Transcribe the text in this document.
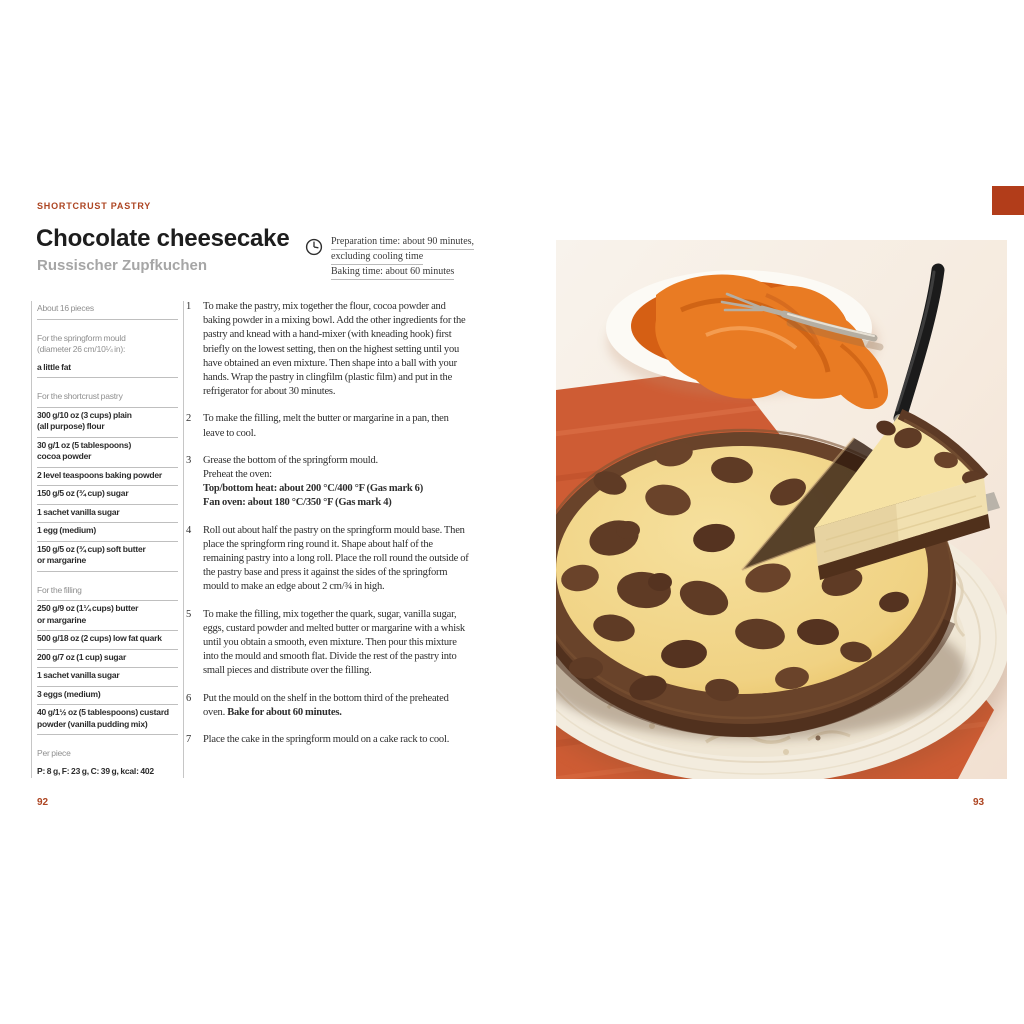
SHORTCRUST PASTRY
Chocolate cheesecake
Russischer Zupfkuchen
Preparation time: about 90 minutes,
excluding cooling time
Baking time: about 60 minutes
About 16 pieces
For the springform mould
(diameter 26 cm/10¼ in):
a little fat
For the shortcrust pastry
300 g/10 oz (3 cups) plain
(all purpose) flour
30 g/1 oz (5 tablespoons)
cocoa powder
2 level teaspoons baking powder
150 g/5 oz (¾ cup) sugar
1 sachet vanilla sugar
1 egg (medium)
150 g/5 oz (¾ cup) soft butter
or margarine
For the filling
250 g/9 oz (1¼ cups) butter
or margarine
500 g/18 oz (2 cups) low fat quark
200 g/7 oz (1 cup) sugar
1 sachet vanilla sugar
3 eggs (medium)
40 g/1½ oz (5 tablespoons) custard
powder (vanilla pudding mix)
Per piece
P: 8 g, F: 23 g, C: 39 g, kcal: 402
1	To make the pastry, mix together the flour, cocoa powder and baking powder in a mixing bowl. Add the other ingredients for the pastry and knead with a hand-mixer (with kneading hook) first briefly on the lowest setting, then on the highest setting until you have obtained an even mixture. Then shape into a ball with your hands. Wrap the pastry in clingfilm (plastic film) and put in the refrigerator for about 30 minutes.
2	To make the filling, melt the butter or margarine in a pan, then leave to cool.
3	Grease the bottom of the springform mould.
Preheat the oven:
Top/bottom heat: about 200 °C/400 °F (Gas mark 6)
Fan oven: about 180 °C/350 °F (Gas mark 4)
4	Roll out about half the pastry on the springform mould base. Then place the springform ring round it. Shape about half of the remaining pastry into a long roll. Place the roll round the outside of the pastry base and press it against the sides of the springform mould to make an edge about 2 cm/¾ in high.
5	To make the filling, mix together the quark, sugar, vanilla sugar, eggs, custard powder and melted butter or margarine with a whisk until you obtain a smooth, even mixture. Then pour this mixture into the mould and smooth flat. Divide the rest of the pastry into small pieces and distribute over the filling.
6	Put the mould on the shelf in the bottom third of the preheated oven. Bake for about 60 minutes.
7	Place the cake in the springform mould on a cake rack to cool.
92	93
